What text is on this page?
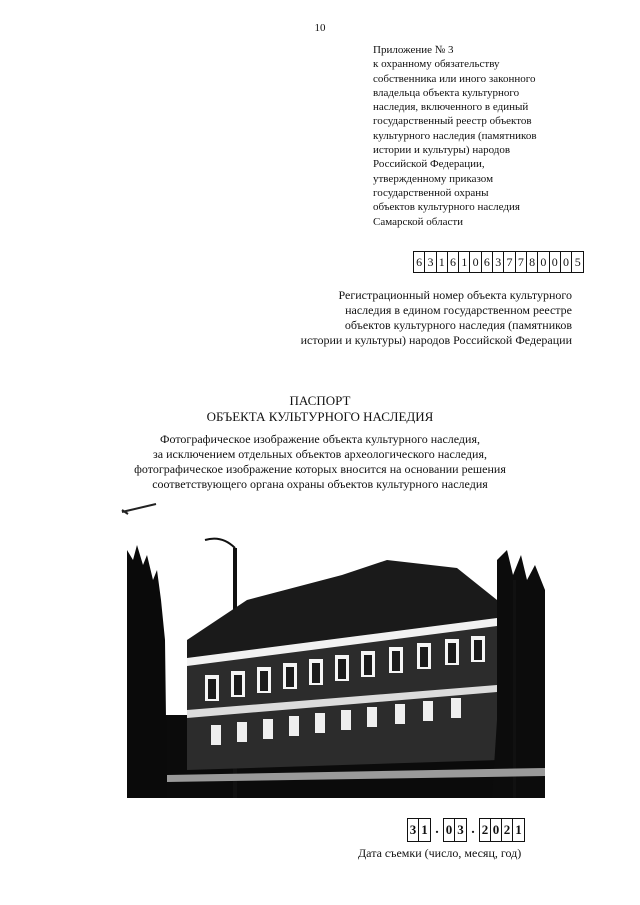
10
Приложение № 3
к охранному обязательству
собственника или иного законного
владельца объекта культурного
наследия, включенного в единый
государственный реестр объектов
культурного наследия (памятников
истории и культуры) народов
Российской Федерации,
утвержденному приказом
государственной охраны
объектов культурного наследия
Самарской области
6 3 1 6 1 0 6 3 7 7 8 0 0 0 5
Регистрационный номер объекта культурного
наследия в едином государственном реестре
объектов культурного наследия (памятников
истории и культуры) народов Российской Федерации
ПАСПОРТ
ОБЪЕКТА КУЛЬТУРНОГО НАСЛЕДИЯ
Фотографическое изображение объекта культурного наследия,
за исключением отдельных объектов археологического наследия,
фотографическое изображение которых вносится на основании решения
соответствующего органа охраны объектов культурного наследия
3 1 . 0 3 . 2 0 2 1
Дата съемки (число, месяц, год)
